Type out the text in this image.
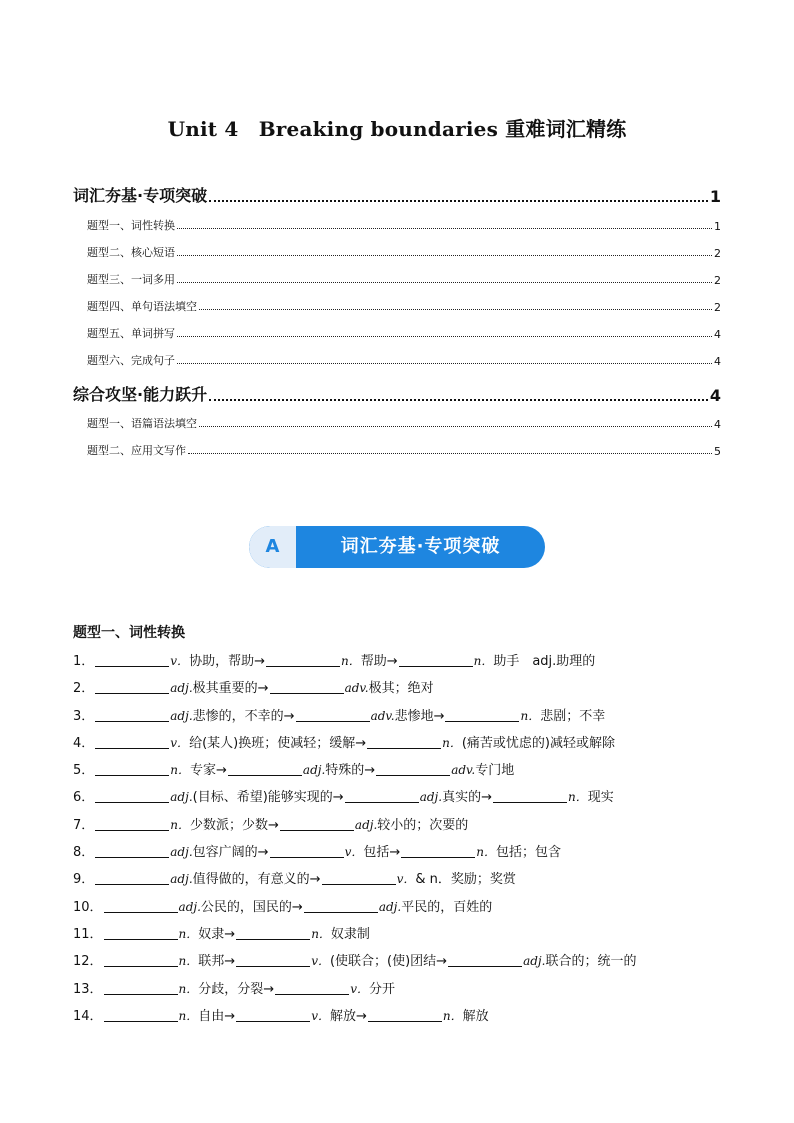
Unit 4　Breaking boundaries 重难词汇精练
词汇夯基·专项突破	1
题型一、词性转换	1
题型二、核心短语	2
题型三、一词多用	2
题型四、单句语法填空	2
题型五、单词拼写	4
题型六、完成句子	4
综合攻坚·能力跃升	4
题型一、语篇语法填空	4
题型二、应用文写作	5
A	词汇夯基·专项突破
题型一、词性转换
1．	v．协助，帮助→	n．帮助→	n．助手　adj.助理的
2．	adj.极其重要的→	adv.极其；绝对
3．	adj.悲惨的，不幸的→	adv.悲惨地→	n．悲剧；不幸
4．	v．给(某人)换班；使减轻；缓解→	n．(痛苦或忧虑的)减轻或解除
5．	n．专家→	adj.特殊的→	adv.专门地
6．	adj.(目标、希望)能够实现的→	adj.真实的→	n．现实
7．	n．少数派；少数→	adj.较小的；次要的
8．	adj.包容广阔的→	v．包括→	n．包括；包含
9．	adj.值得做的，有意义的→	v．& n．奖励；奖赏
10．	adj.公民的，国民的→	adj.平民的，百姓的
11．	n．奴隶→	n．奴隶制
12．	n．联邦→	v．(使联合；(使)团结→	adj.联合的；统一的
13．	n．分歧，分裂→	v．分开
14．	n．自由→	v．解放→	n．解放
